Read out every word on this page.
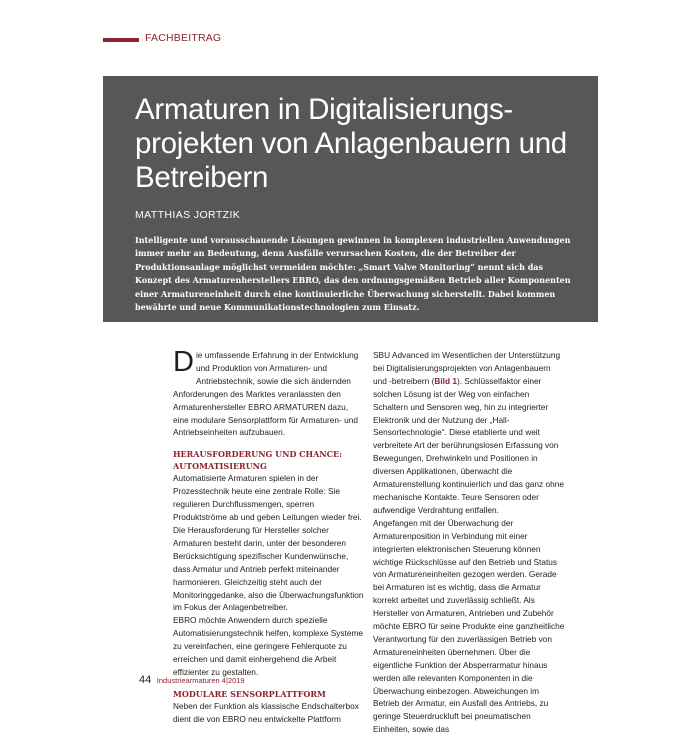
FACHBEITRAG
Armaturen in Digitalisierungs-projekten von Anlagenbauern und Betreibern
MATTHIAS JORTZIK

Intelligente und vorausschauende Lösungen gewinnen in komplexen industriellen Anwendungen immer mehr an Bedeutung, denn Ausfälle verursachen Kosten, die der Betreiber der Produktionsanlage möglichst vermeiden möchte: „Smart Valve Monitoring“ nennt sich das Konzept des Armaturenherstellers EBRO, das den ordnungsgemäßen Betrieb aller Komponenten einer Armatureneinheit durch eine kontinuierliche Überwachung sicherstellt. Dabei kommen bewährte und neue Kommunikationstechnologien zum Einsatz.

Die umfassende Erfahrung in der Entwicklung und Produktion von Armaturen- und Antriebstechnik, sowie die sich ändernden Anforderungen des Marktes veranlassten den Armaturenhersteller EBRO ARMATUREN dazu, eine modulare Sensorplattform für Armaturen- und Antriebseinheiten aufzubauen.

HERAUSFORDERUNG UND CHANCE: AUTOMATISIERUNG

Automatisierte Armaturen spielen in der Prozesstechnik heute eine zentrale Rolle: Sie regulieren Durchflussmengen, sperren Produktströme ab und geben Leitungen wieder frei. Die Herausforderung für Hersteller solcher Armaturen besteht darin, unter der besonderen Berücksichtigung spezifischer Kundenwünsche, dass Armatur und Antrieb perfekt miteinander harmonieren. Gleichzeitig steht auch der Monitoringgedanke, also die Überwachungsfunktion im Fokus der Anlagenbetreiber.

EBRO möchte Anwendern durch spezielle Automatisierungstechnik helfen, komplexe Systeme zu vereinfachen, eine geringere Fehlerquote zu erreichen und damit einhergehend die Arbeit effizienter zu gestalten.

MODULARE SENSORPLATTFORM

Neben der Funktion als klassische Endschalterbox dient die von EBRO neu entwickelte Plattform

SBU Advanced im Wesentlichen der Unterstützung bei Digitalisierungsprojekten von Anlagenbauern und -betreibern (Bild 1). Schlüsselfaktor einer solchen Lösung ist der Weg von einfachen Schaltern und Sensoren weg, hin zu integrierter Elektronik und der Nutzung der „Hall-Sensortechnologie“. Diese etablierte und weit verbreitete Art der berührungslosen Erfassung von Bewegungen, Drehwinkeln und Positionen in diversen Applikationen, überwacht die Armaturenstellung kontinuierlich und das ganz ohne mechanische Kontakte. Teure Sensoren oder aufwendige Verdrahtung entfallen.

Angefangen mit der Überwachung der Armaturenposition in Verbindung mit einer integrierten elektronischen Steuerung können wichtige Rückschlüsse auf den Betrieb und Status von Armatureneinheiten gezogen werden. Gerade bei Armaturen ist es wichtig, dass die Armatur korrekt arbeitet und zuverlässig schließt. Als Hersteller von Armaturen, Antrieben und Zubehör möchte EBRO für seine Produkte eine ganzheitliche Verantwortung für den zuverlässigen Betrieb von Armatureneinheiten übernehmen. Über die eigentliche Funktion der Absperrarmatur hinaus werden alle relevanten Komponenten in die Überwachung einbezogen. Abweichungen im Betrieb der Armatur, ein Ausfall des Antriebs, zu geringe Steuerdruckluft bei pneumatischen Einheiten, sowie das

44 Industriearmaturen 4|2019
